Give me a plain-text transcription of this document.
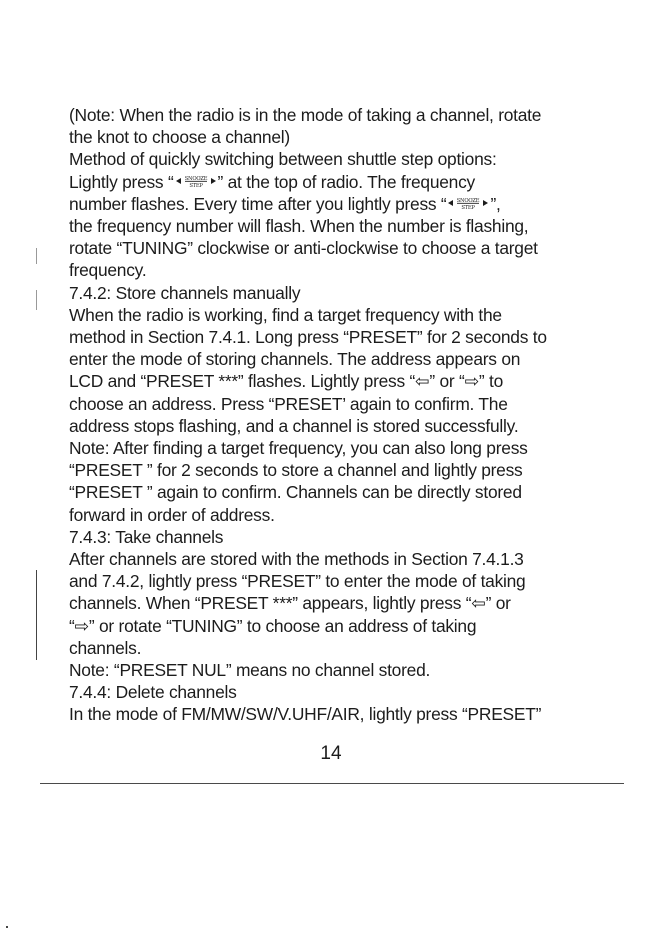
(Note: When the radio is in the mode of taking a channel, rotate
the knot to choose a channel)
Method of quickly switching between shuttle step options:
Lightly press “ SNOOZE
STEP ” at the top of radio. The frequency
number flashes. Every time after you lightly press “ SNOOZE
STEP ”,
the frequency number will flash. When the number is flashing,
rotate “TUNING” clockwise or anti-clockwise to choose a target
frequency.
7.4.2: Store channels manually
When the radio is working, find a target frequency with the
method in Section 7.4.1. Long press “PRESET” for 2 seconds to
enter the mode of storing channels. The address appears on
LCD and “PRESET ***” flashes. Lightly press “⇦” or “⇨” to
choose an address. Press “PRESET’ again to confirm. The
address stops flashing, and a channel is stored successfully.
Note: After finding a target frequency, you can also long press
“PRESET ” for 2 seconds to store a channel and lightly press
“PRESET ” again to confirm. Channels can be directly stored
forward in order of address.
7.4.3: Take channels
After channels are stored with the methods in Section 7.4.1.3
and 7.4.2, lightly press “PRESET” to enter the mode of taking
channels. When “PRESET ***” appears, lightly press “⇦” or
“⇨” or rotate “TUNING” to choose an address of taking
channels.
Note: “PRESET NUL” means no channel stored.
7.4.4: Delete channels
In the mode of FM/MW/SW/V.UHF/AIR, lightly press “PRESET”
14
